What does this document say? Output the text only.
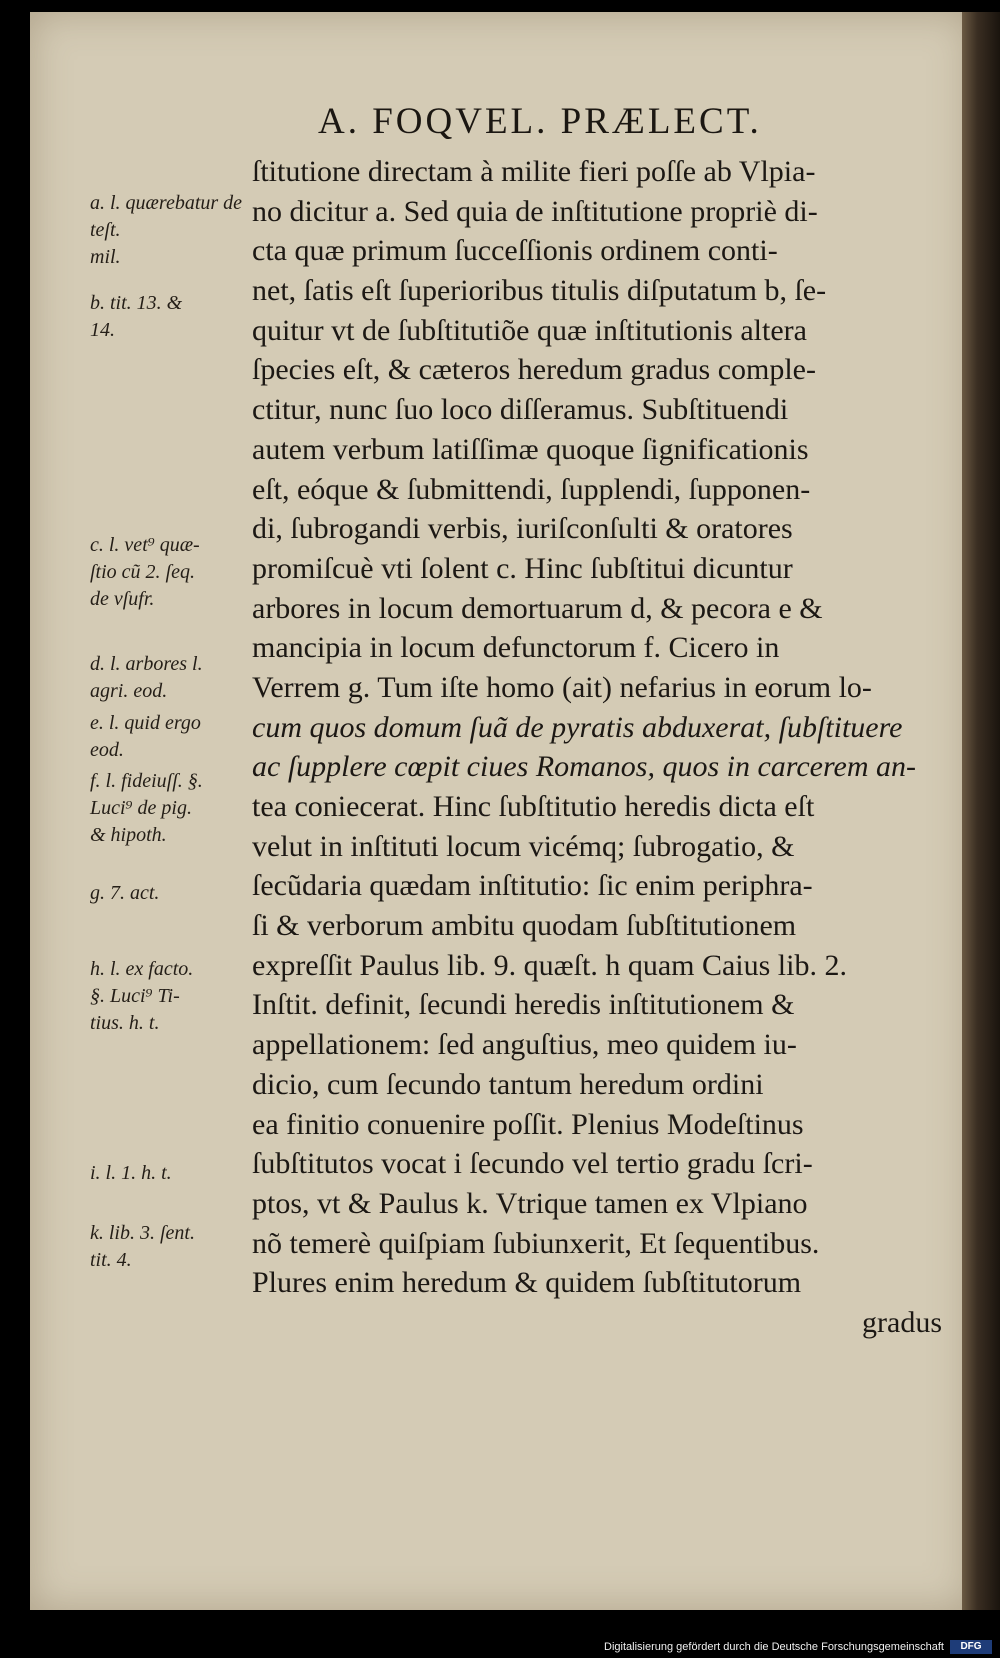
A. FOQVEL. PRÆLECT.
ſtitutione directam à milite fieri poſſe ab Vlpia-
no dicitur a. Sed quia de inſtitutione propriè di-
cta quæ primum ſucceſſionis ordinem conti-
net, ſatis eſt ſuperioribus titulis diſputatum b, ſe-
quitur vt de ſubſtitutiõe quæ inſtitutionis altera
ſpecies eſt, & cæteros heredum gradus comple-
ctitur, nunc ſuo loco diſſeramus. Subſtituendi
autem verbum latiſſimæ quoque ſignificationis
eſt, eóque & ſubmittendi, ſupplendi, ſupponen-
di, ſubrogandi verbis, iuriſconſulti & oratores
promiſcuè vti ſolent c. Hinc ſubſtitui dicuntur
arbores in locum demortuarum d, & pecora e &
mancipia in locum defunctorum f. Cicero in
Verrem g. Tum iſte homo (ait) nefarius in eorum lo-
cum quos domum ſuã de pyratis abduxerat, ſubſtituere
ac ſupplere cœpit ciues Romanos, quos in carcerem an-
tea coniecerat. Hinc ſubſtitutio heredis dicta eſt
velut in inſtituti locum vicémq; ſubrogatio, &
ſecũdaria quædam inſtitutio: ſic enim periphra-
ſi & verborum ambitu quodam ſubſtitutionem
expreſſit Paulus lib. 9. quæſt. h quam Caius lib. 2.
Inſtit. definit, ſecundi heredis inſtitutionem &
appellationem: ſed anguſtius, meo quidem iu-
dicio, cum ſecundo tantum heredum ordini
ea finitio conuenire poſſit. Plenius Modeſtinus
ſubſtitutos vocat i ſecundo vel tertio gradu ſcri-
ptos, vt & Paulus k. Vtrique tamen ex Vlpiano
nõ temerè quiſpiam ſubiunxerit, Et ſequentibus.
Plures enim heredum & quidem ſubſtitutorum
gradus
a. l. quærebatur de teſt.
mil.
b. tit. 13. &
14.
c. l. vet⁹ quæ-
ſtio cũ 2. ſeq.
de vſufr.
d. l. arbores l.
agri. eod.
e. l. quid ergo
eod.
f. l. fideiuſſ. §.
Luci⁹ de pig.
& hipoth.
g. 7. act.
h. l. ex facto.
§. Luci⁹ Ti-
tius. h. t.
i. l. 1. h. t.
k. lib. 3. ſent.
tit. 4.
Digitalisierung gefördert durch die Deutsche Forschungsgemeinschaft	DFG
